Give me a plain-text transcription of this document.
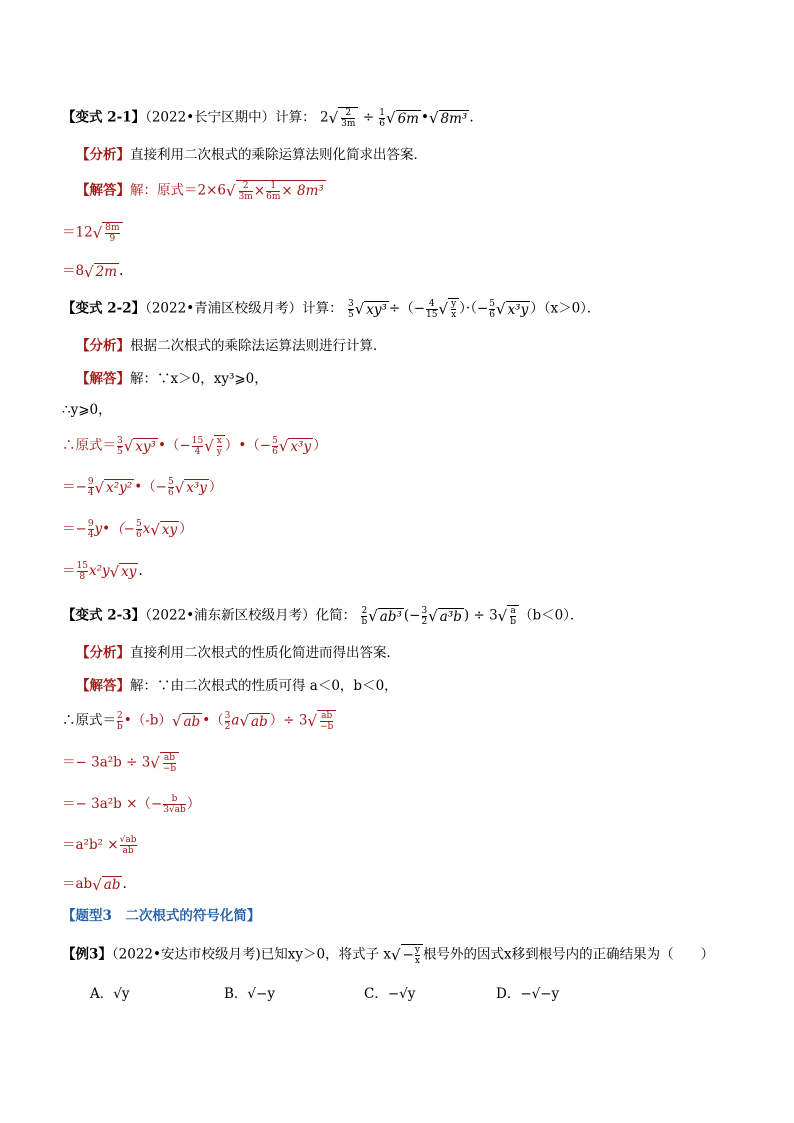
【变式 2-1】（2022•长宁区期中）计算： $2√ \frac{2}{3m} \div \frac{1}{6}$ √ 6m •√ 8m³ .
【分析】直接利用二次根式的乘除运算法则化简求出答案．
【解答】解：原式$=2\times 6√ \frac{2}{3m} \times \frac{1}{6m} \times 8m^3$
$=12√ \frac{8m}{9}$
＝8√ 2m .
【变式 2-2】（2022•青浦区校级月考）计算： $\frac{3}{5}$ √ xy³ ÷（− $\frac{4}{15}$ √ $\frac{y}{x}$ ）·（− $\frac{5}{6}$ √ x³y ）（x＞0）．
【分析】根据二次根式的乘除法运算法则进行计算．
【解答】解：∵x＞0，xy³⩾0，
∴y⩾0，
∴原式＝ $\frac{3}{5}$ √ xy³ •（− $\frac{15}{4}$ √ $\frac{x}{y}$ ）•（− $\frac{5}{6}$ √ x³y ）
＝− $\frac{9}{4}$ √ x²y² •（− $\frac{5}{6}$ √ x³y ）
＝− $\frac{9}{4}$ y•（− $\frac{5}{6} x√$ xy ）
＝ $\frac{15}{8} x^2y√$ xy .
【变式 2-3】（2022•浦东新区校级月考）化简： $\frac{2}{b}$ √ ab³ (− $\frac{3}{2}$ √ a³b ) ÷ $3√ \frac{a}{b} (b<0)$．
【分析】直接利用二次根式的性质化简进而得出答案．
【解答】解：∵由二次根式的性质可得 a＜0，b＜0，
∴原式＝ $\frac{2}{b}$ •（-b）√ ab •（ $\frac{3}{2} a√$ ab ）÷ $3√ \frac{ab}{-b}$
＝− $3a^2b \div 3√ \frac{ab}{-b}$
＝− 3a²b ×（− $\frac{b}{3√ab}$ ）
$=a^2b^2 \times \frac{√ab}{ab}$
＝ab√ ab .
【题型3　二次根式的符号化简】
【例3】（2022•安达市校级月考)已知xy＞0，将式子 $x√ - \frac{y}{x}$ 根号外的因式x移到根号内的正确结果为（　　）
A．√y	B．√−y	C．−√y	D．−√−y
